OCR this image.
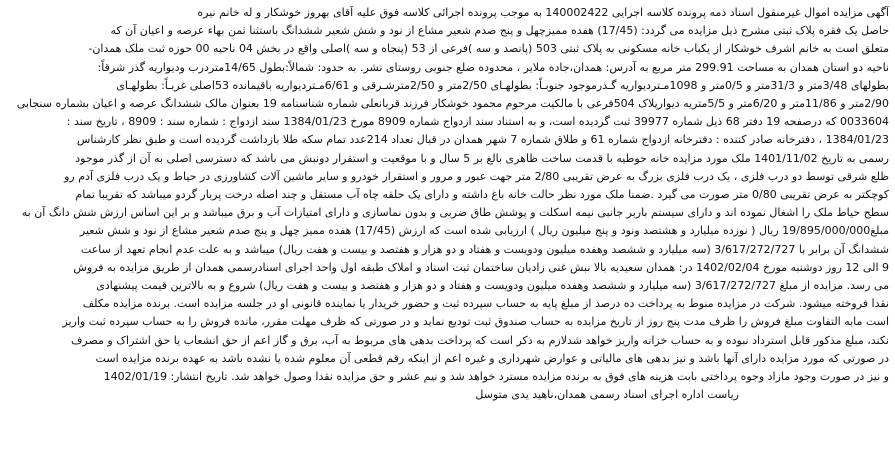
آگهی مزایده اموال غیرمنقول اسناد ذمه پرونده کلاسه اجرایی 140002422 به موجب پرونده اجرائی کلاسه فوق علیه آقای بهروز خوشکار و له خانم نیره
حاصل یک فقره پلاک ثبتی مشرح ذیل مزایده می گردد: (17/45) هفده ممیزچهل و پنج صدم شعیر مشاع از نود و شش شعیر ششدانگ باستثنا ثمن بهاء عرصه و اعیان آن که
متعلق است به خانم اشرف خوشکار از یکباب خانه مسکونی به پلاک ثبتی 503 (پانصد و سه )فرعی از 53 (پنجاه و سه )اصلی واقع در بخش 04 ناحیه 00 حوزه ثبت ملک همدان-
ناحیه دو استان همدان به مساحت 299.91 متر مربع به آدرس: همدان،جاده ملایر ، محدوده ضلع جنوبی روستای نشر. به حدود: شمالاً:بطول 14/65متردرب ودیواریه گذر شرقاً:
بطولهای 3/48متر و 31/3متر و 0/5متر و 1098مـتردیواریه گـذرموجود جنوبـاً: بطولهـای 2/50متر و 2/50مترشـرقی و 6/61مـتردیواریه باقیمانده 53اصلی غربـاً: بطولهـای
2/90متر و 11/86متر و 6/20متر و 5/5متریه دیوارپلاک 504فرعی با مالکیت مرحوم محمود خوشکار فرزند قربانعلی شماره شناسنامه 19 بعنوان مالک ششدانگ عرصه و اعیان بشماره سنجابی
0033604 که درصفحه 19 دفتر 68 ذیل شماره 39977 ثبت گردیده است، و به استناد سند ازدواج شماره 8909 مورخ 1384/01/23 سند ازدواج : شماره سند : 8909 ، تاریخ سند :
1384/01/23 ، دفترخانه صادر کننده : دفترخانه ازدواج شماره 61 و طلاق شماره 7 شهر همدان در قبال تعداد 214عدد تمام سکه طلا بازداشت گردیده است و طبق نظر کارشناس
رسمی به تاریخ 1401/11/02 ملک مورد مزایده خانه حوطیه با قدمت ساخت ظاهری بالغ بر 5 سال و با موقعیت و استقرار دونبش می باشد که دسترسی اصلی به آن از گذر موجود
ظلع شرقی توسط دو درب فلزی ، یک درب فلزی بزرگ به عرض تقریبی 2/80 متر جهت عبور و مرور و استقرار خودرو و سایر ماشین آلات کشاورزی در حیاط و یک درب فلزی آدم رو
کوچکتر به عرض تقریبی 0/80 متر صورت می گیرد .ضمنا ملک مورد نظر حالت خانه باغ داشته و دارای یک حلقه چاه آب مستقل و چند اصله درخت پربار گردو میباشد که تقریبا تمام
سطح حیاط ملک را اشغال نموده اند و دارای سیستم باربر جانبی نیمه اسکلت و پوشش طاق ضربی و بدون نماسازی و دارای امتیازات آب و برق میباشد و بر این اساس ارزش شش دانگ آن به
مبلغ19/895/000/000 ریال ( نوزده میلیارد و هشتصد ونود و پنج میلیون ریال ) ارزیابی شده است که ارزش (17/45) هفده ممیز چهل و پنج صدم شعیر مشاع از نود و شش شعیر
ششدانگ آن برابر با 3/617/272/727 (سه میلیارد و ششصد وهفده میلیون ودویست و هفتاد و دو هزار و هفتصد و بیست و هفت ریال) میباشد و به علت عدم انجام تعهد از ساعت
9 الی 12 روز دوشنبه مورخ 1402/02/04 در: همدان سعیدیه بالا نبش غنی زادیان ساختمان ثبت اسناد و املاک طبقه اول واحد اجرای اسنادرسمی همدان از طریق مزایده به فروش
می رسد. مزایده از مبلغ 3/617/272/727 (سه میلیارد و ششصد وهفده میلیون ودویست و هفتاد و دو هزار و هفتصد و بیست و هفت ریال) شروع و به بالاترین قیمت پیشنهادی
نقدا فروخته میشود. شرکت در مزایده منوط به پرداخت ده درصد از مبلغ پایه به حساب سپرده ثبت و حضور خریدار یا نماینده قانونی او در جلسه مزایده است. برنده مزایده مکلف
است مابه التفاوت مبلغ فروش را ظرف مدت پنج روز از تاریخ مزایده به حساب صندوق ثبت تودیع نماید و در صورتی که ظرف مهلت مقرر، مانده فروش را به حساب سپرده ثبت واریز
نکند، مبلغ مذکور قابل استرداد نبوده و به حساب خزانه واریز خواهد شدلازم به ذکر است که پرداخت بدهی های مربوط به آب، برق و گاز اعم از حق انشعاب یا حق اشتراک و مصرف
در صورتی که مورد مزایده دارای آنها باشد و نیز بدهی های مالیاتی و عوارض شهرداری و غیره اعم از اینکه رقم قطعی آن معلوم شده یا نشده باشد به عهده برنده مزایده است
و نیز در صورت وجود مازاد وجوه پرداختی بابت هزینه های فوق به برنده مزایده مسترد خواهد شد و نیم عشر و حق مزایده نقدا وصول خواهد شد. تاریخ انتشار: 1402/01/19
رياست اداره اجرای اسناد رسمی همدان،ناهید یدی متوسل
